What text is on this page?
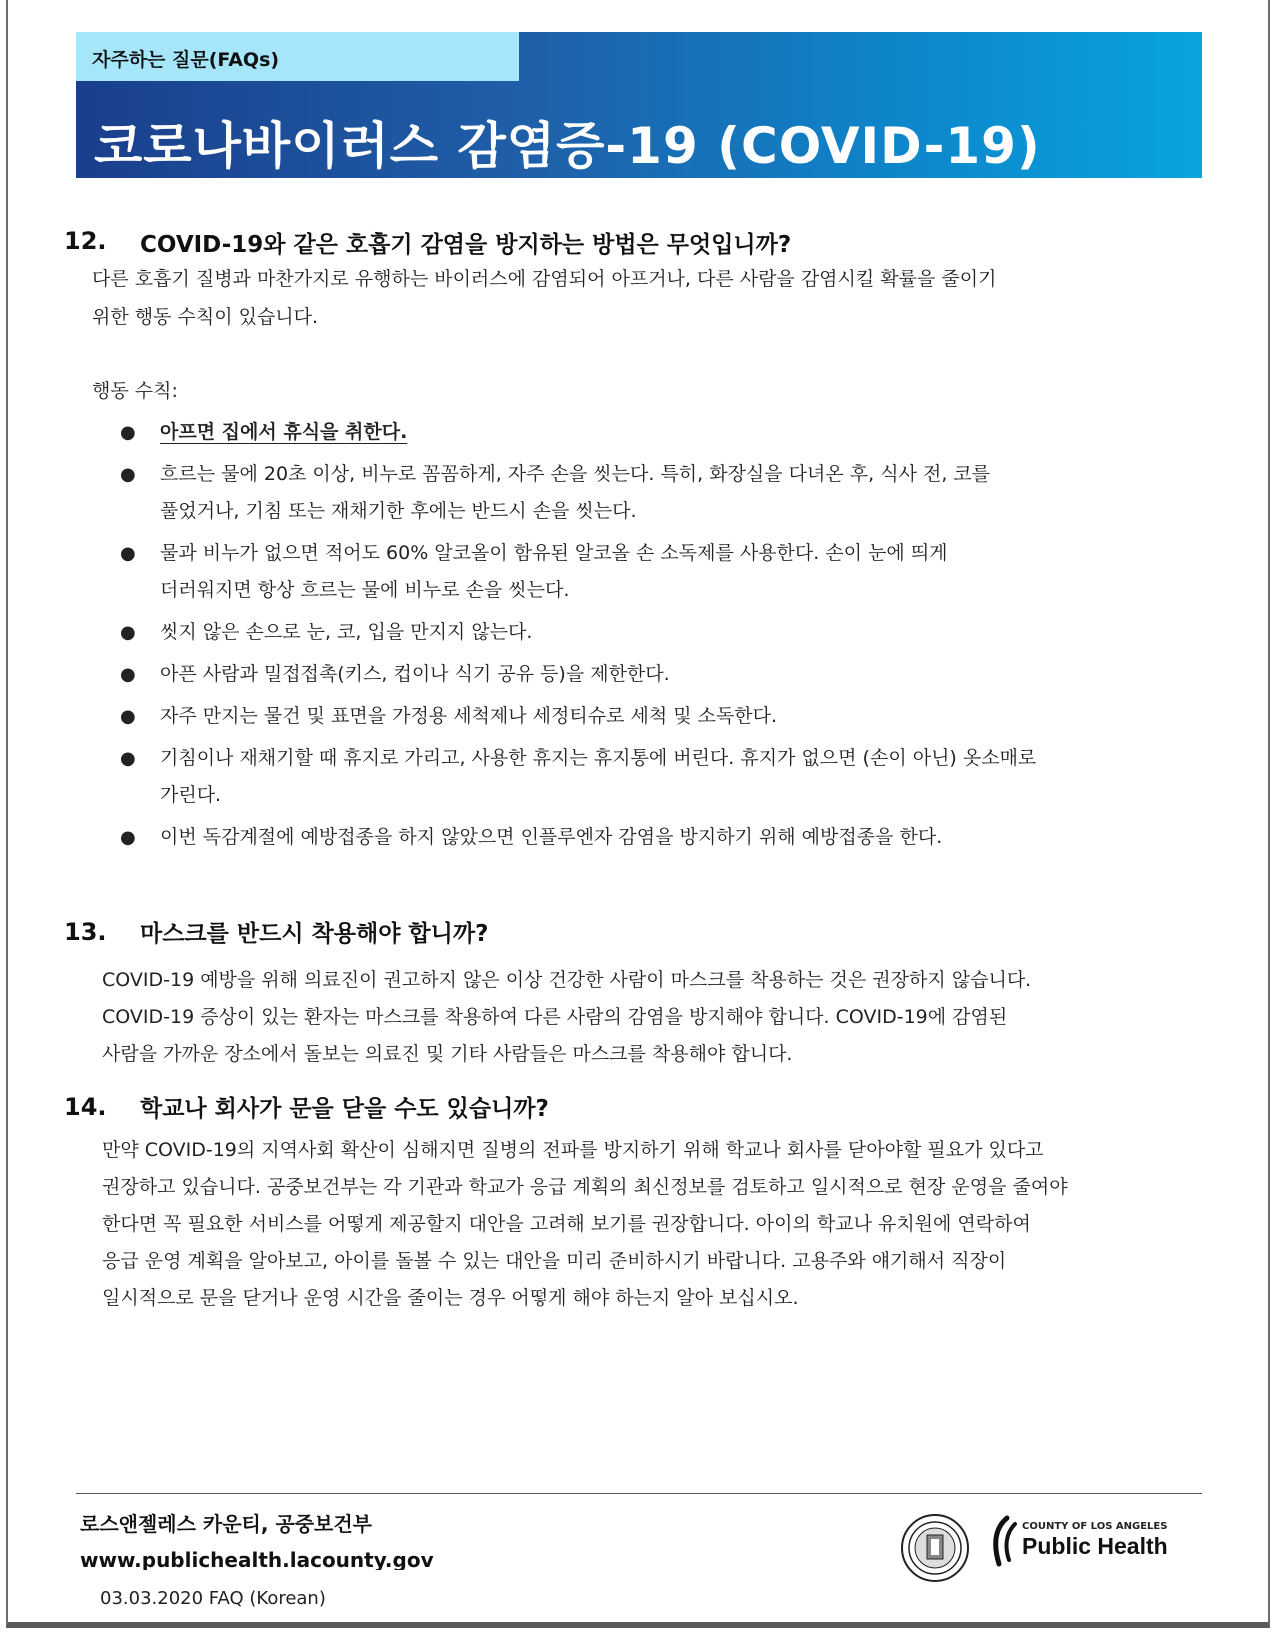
자주하는 질문(FAQs)
코로나바이러스 감염증-19 (COVID-19)
12. COVID-19와 같은 호흡기 감염을 방지하는 방법은 무엇입니까?

다른 호흡기 질병과 마찬가지로 유행하는 바이러스에 감염되어 아프거나, 다른 사람을 감염시킬 확률을 줄이기

위한 행동 수칙이 있습니다.

행동 수칙:

● 아프면 집에서 휴식을 취한다.
● 흐르는 물에 20초 이상, 비누로 꼼꼼하게, 자주 손을 씻는다. 특히, 화장실을 다녀온 후, 식사 전, 코를
풀었거나, 기침 또는 재채기한 후에는 반드시 손을 씻는다.
● 물과 비누가 없으면 적어도 60% 알코올이 함유된 알코올 손 소독제를 사용한다. 손이 눈에 띄게
더러워지면 항상 흐르는 물에 비누로 손을 씻는다.
● 씻지 않은 손으로 눈, 코, 입을 만지지 않는다.
● 아픈 사람과 밀접접촉(키스, 컵이나 식기 공유 등)을 제한한다.
● 자주 만지는 물건 및 표면을 가정용 세척제나 세정티슈로 세척 및 소독한다.
● 기침이나 재채기할 때 휴지로 가리고, 사용한 휴지는 휴지통에 버린다. 휴지가 없으면 (손이 아닌) 옷소매로
가린다.
● 이번 독감계절에 예방접종을 하지 않았으면 인플루엔자 감염을 방지하기 위해 예방접종을 한다.
13. 마스크를 반드시 착용해야 합니까?

COVID-19 예방을 위해 의료진이 권고하지 않은 이상 건강한 사람이 마스크를 착용하는 것은 권장하지 않습니다.

COVID-19 증상이 있는 환자는 마스크를 착용하여 다른 사람의 감염을 방지해야 합니다. COVID-19에 감염된

사람을 가까운 장소에서 돌보는 의료진 및 기타 사람들은 마스크를 착용해야 합니다.

14. 학교나 회사가 문을 닫을 수도 있습니까?

만약 COVID-19의 지역사회 확산이 심해지면 질병의 전파를 방지하기 위해 학교나 회사를 닫아야할 필요가 있다고

권장하고 있습니다. 공중보건부는 각 기관과 학교가 응급 계획의 최신정보를 검토하고 일시적으로 현장 운영을 줄여야

한다면 꼭 필요한 서비스를 어떻게 제공할지 대안을 고려해 보기를 권장합니다. 아이의 학교나 유치원에 연락하여

응급 운영 계획을 알아보고, 아이를 돌볼 수 있는 대안을 미리 준비하시기 바랍니다. 고용주와 얘기해서 직장이

일시적으로 문을 닫거나 운영 시간을 줄이는 경우 어떻게 해야 하는지 알아 보십시오.

로스앤젤레스 카운티, 공중보건부
www.publichealth.lacounty.gov
03.03.2020 FAQ (Korean)
COUNTY OF LOS ANGELES
Public Health
